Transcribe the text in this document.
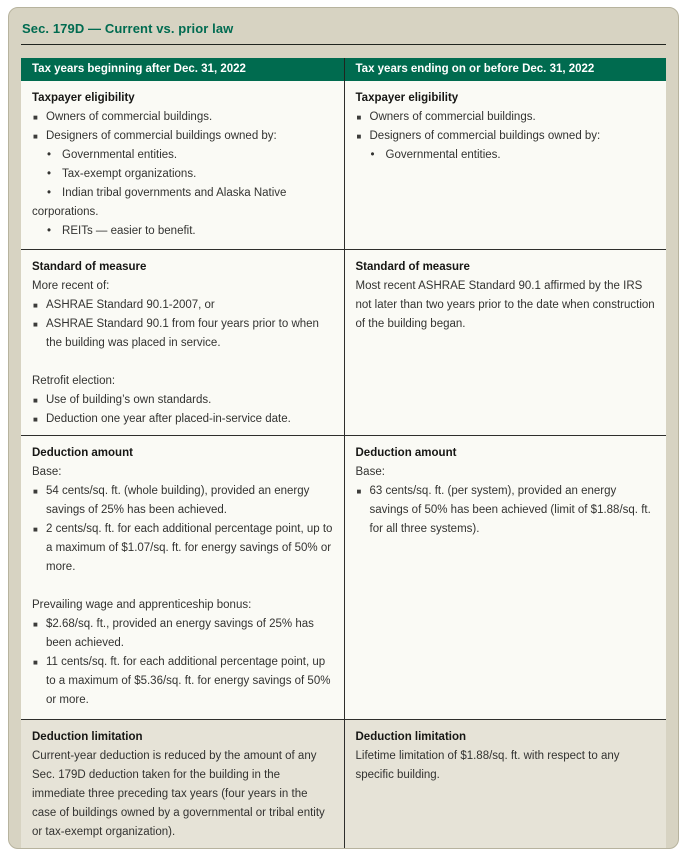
Sec. 179D — Current vs. prior law
Tax years beginning after Dec. 31, 2022	Tax years ending on or before Dec. 31, 2022
Taxpayer eligibility
■
Owners of commercial buildings.
■
Designers of commercial buildings owned by:
• Governmental entities.
• Tax-exempt organizations.
• Indian tribal governments and Alaska Native corporations.
• REITs — easier to benefit.
Taxpayer eligibility
■
Owners of commercial buildings.
■
Designers of commercial buildings owned by:
• Governmental entities.
Standard of measure
More recent of:
■
ASHRAE Standard 90.1-2007, or
■
ASHRAE Standard 90.1 from four years prior to when the building was placed in service.
Retrofit election:
■
Use of building’s own standards.
■
Deduction one year after placed-in-service date.
Standard of measure
Most recent ASHRAE Standard 90.1 affirmed by the IRS not later than two years prior to the date when construction of the building began.
Deduction amount
Base:
■
54 cents/sq. ft. (whole building), provided an energy savings of 25% has been achieved.
■
2 cents/sq. ft. for each additional percentage point, up to a maximum of $1.07/sq. ft. for energy savings of 50% or more.
Prevailing wage and apprenticeship bonus:
■
$2.68/sq. ft., provided an energy savings of 25% has been achieved.
■
11 cents/sq. ft. for each additional percentage point, up to a maximum of $5.36/sq. ft. for energy savings of 50% or more.
Deduction amount
Base:
■
63 cents/sq. ft. (per system), provided an energy savings of 50% has been achieved (limit of $1.88/sq. ft. for all three systems).
Deduction limitation
Current-year deduction is reduced by the amount of any Sec. 179D deduction taken for the building in the immediate three preceding tax years (four years in the case of buildings owned by a governmental or tribal entity or tax-exempt organization).
Deduction limitation
Lifetime limitation of $1.88/sq. ft. with respect to any specific building.
